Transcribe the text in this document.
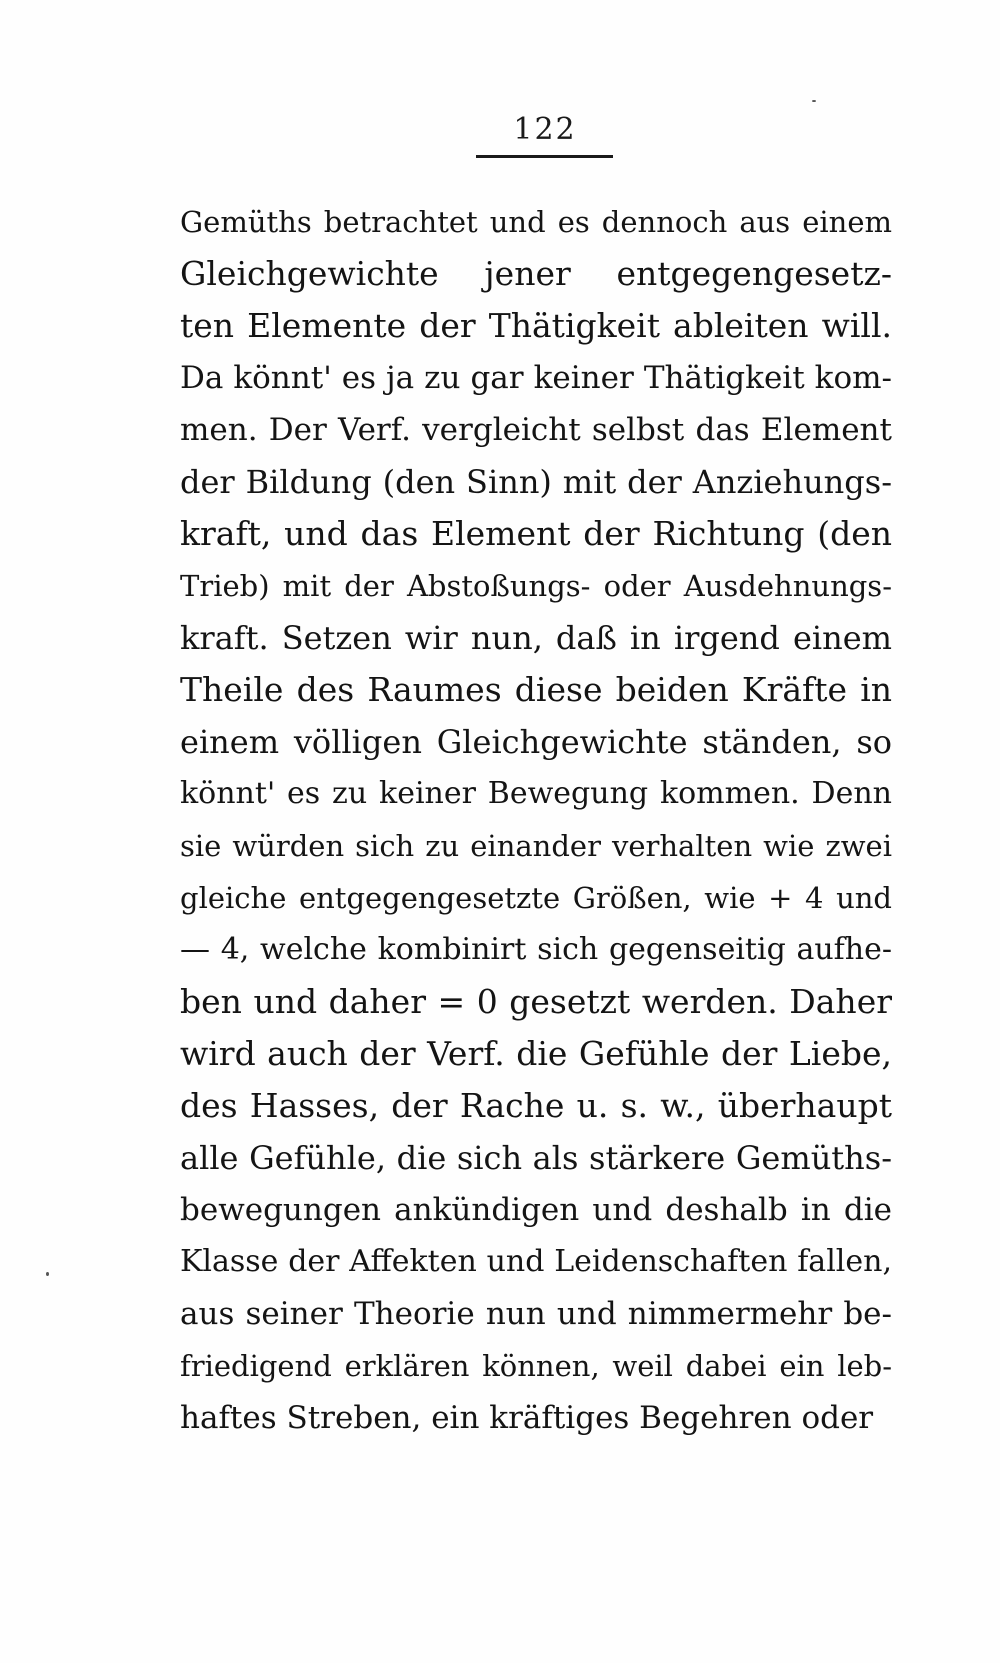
122
Gemüths betrachtet und es dennoch aus einem
Gleichgewichte jener entgegengesetz-
ten Elemente der Thätigkeit ableiten will.
Da könnt' es ja zu gar keiner Thätigkeit kom-
men. Der Verf. vergleicht selbst das Element
der Bildung (den Sinn) mit der Anziehungs-
kraft, und das Element der Richtung (den
Trieb) mit der Abstoßungs- oder Ausdehnungs-
kraft. Setzen wir nun, daß in irgend einem
Theile des Raumes diese beiden Kräfte in
einem völligen Gleichgewichte ständen, so
könnt' es zu keiner Bewegung kommen. Denn
sie würden sich zu einander verhalten wie zwei
gleiche entgegengesetzte Größen, wie + 4 und
— 4, welche kombinirt sich gegenseitig aufhe-
ben und daher = 0 gesetzt werden. Daher
wird auch der Verf. die Gefühle der Liebe,
des Hasses, der Rache u. s. w., überhaupt
alle Gefühle, die sich als stärkere Gemüths-
bewegungen ankündigen und deshalb in die
Klasse der Affekten und Leidenschaften fallen,
aus seiner Theorie nun und nimmermehr be-
friedigend erklären können, weil dabei ein leb-
haftes Streben, ein kräftiges Begehren oder
